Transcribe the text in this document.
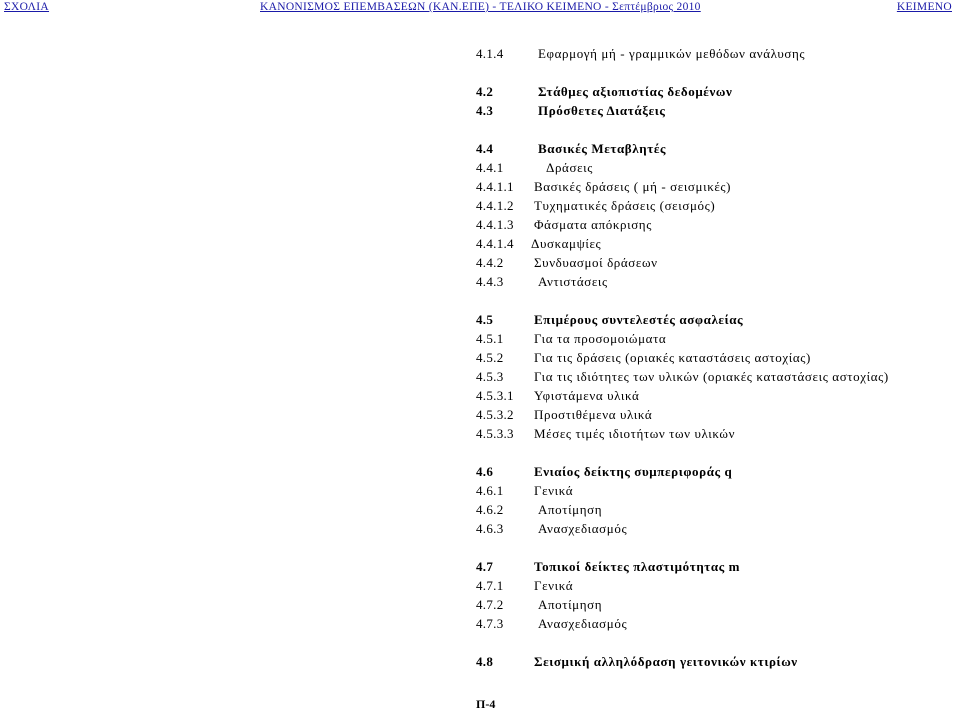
ΣΧΟΛΙΑ	ΚΑΝΟΝΙΣΜΟΣ ΕΠΕΜΒΑΣΕΩΝ (ΚΑΝ.ΕΠΕ) - ΤΕΛΙΚΟ ΚΕΙΜΕΝΟ - Σεπτέμβριος 2010	ΚΕΙΜΕΝΟ
4.1.4	Εφαρμογή μή - γραμμικών μεθόδων ανάλυσης
4.2	Στάθμες αξιοπιστίας δεδομένων
4.3	Πρόσθετες Διατάξεις
4.4	Βασικές Μεταβλητές
4.4.1	Δράσεις
4.4.1.1 Βασικές δράσεις ( μή - σεισμικές)
4.4.1.2 Τυχηματικές δράσεις (σεισμός)
4.4.1.3 Φάσματα απόκρισης
4.4.1.4 Δυσκαμψίες
4.4.2 Συνδυασμοί δράσεων
4.4.3	Αντιστάσεις
4.5	Επιμέρους συντελεστές ασφαλείας
4.5.1 Για τα προσομοιώματα
4.5.2 Για τις δράσεις (οριακές καταστάσεις αστοχίας)
4.5.3 Για τις ιδιότητες των υλικών (οριακές καταστάσεις αστοχίας)
4.5.3.1 Υφιστάμενα υλικά
4.5.3.2 Προστιθέμενα υλικά
4.5.3.3 Μέσες τιμές ιδιοτήτων των υλικών
4.6	Ενιαίος δείκτης συμπεριφοράς q
4.6.1 Γενικά
4.6.2	Αποτίμηση
4.6.3	Ανασχεδιασμός
4.7	Τοπικοί δείκτες πλαστιμότητας m
4.7.1 Γενικά
4.7.2	Αποτίμηση
4.7.3	Ανασχεδιασμός
4.8	Σεισμική αλληλόδραση γειτονικών κτιρίων
Π-4
